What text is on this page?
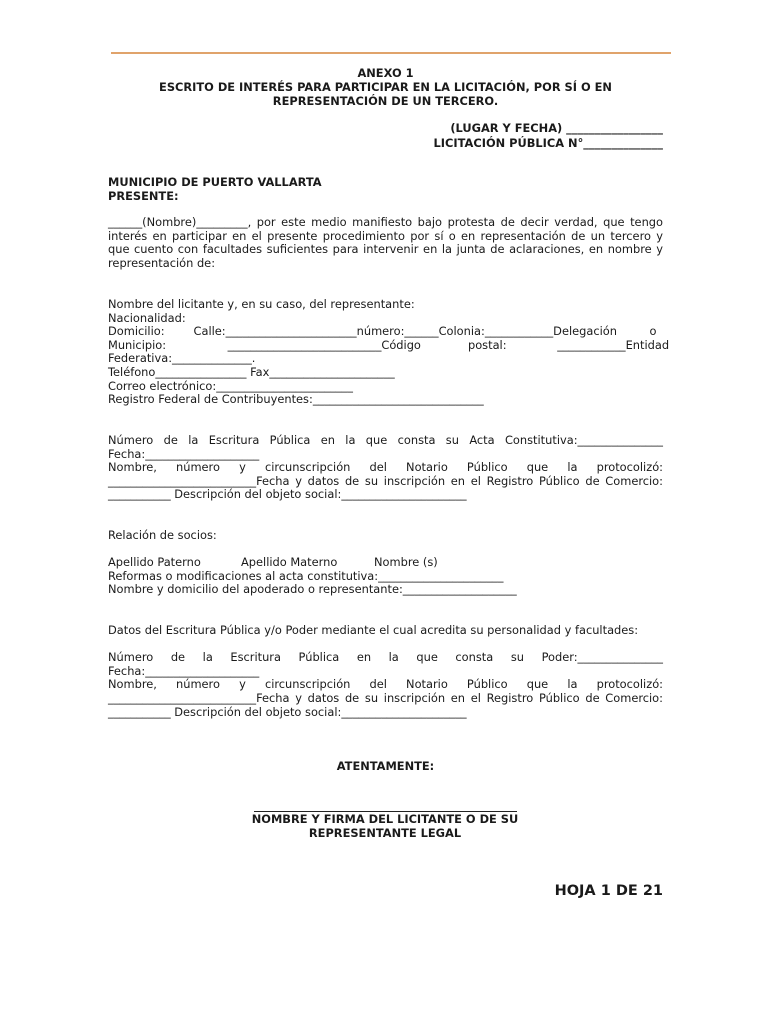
ANEXO 1
ESCRITO DE INTERÉS PARA PARTICIPAR EN LA LICITACIÓN, POR SÍ O EN
REPRESENTACIÓN DE UN TERCERO.
(LUGAR Y FECHA) _________________
LICITACIÓN PÚBLICA N°______________
MUNICIPIO DE PUERTO VALLARTA
PRESENTE:
______(Nombre)_________, por este medio manifiesto bajo protesta de decir verdad, que tengo interés en participar en el presente procedimiento por sí o en representación de un tercero y que cuento con facultades suficientes para intervenir en la junta de aclaraciones, en nombre y representación de:
Nombre del licitante y, en su caso, del representante:
Nacionalidad:
Domicilio:        Calle:_______________________número:______Colonia:____________Delegación         o
Municipio:                 ___________________________Código             postal:              ____________Entidad
Federativa:______________.
Teléfono________________ Fax______________________
Correo electrónico:________________________
Registro Federal de Contribuyentes:______________________________
Número de la Escritura Pública en la que consta su Acta Constitutiva:_______________
Fecha:____________________
Nombre, número y circunscripción del Notario Público que la protocolizó:
__________________________Fecha y datos de su inscripción en el Registro Público de Comercio:
___________ Descripción del objeto social:______________________
Relación de socios:
Apellido Paterno	Apellido Materno	Nombre (s)
Reformas o modificaciones al acta constitutiva:______________________
Nombre y domicilio del apoderado o representante:____________________
Datos del Escritura Pública y/o Poder mediante el cual acredita su personalidad y facultades:
Número de la Escritura Pública en la que consta su Poder:_______________
Fecha:____________________
Nombre, número y circunscripción del Notario Público que la protocolizó:
__________________________Fecha y datos de su inscripción en el Registro Público de Comercio:
___________ Descripción del objeto social:______________________
ATENTAMENTE:
NOMBRE Y FIRMA DEL LICITANTE O DE SU
REPRESENTANTE LEGAL
HOJA 1 DE 21
